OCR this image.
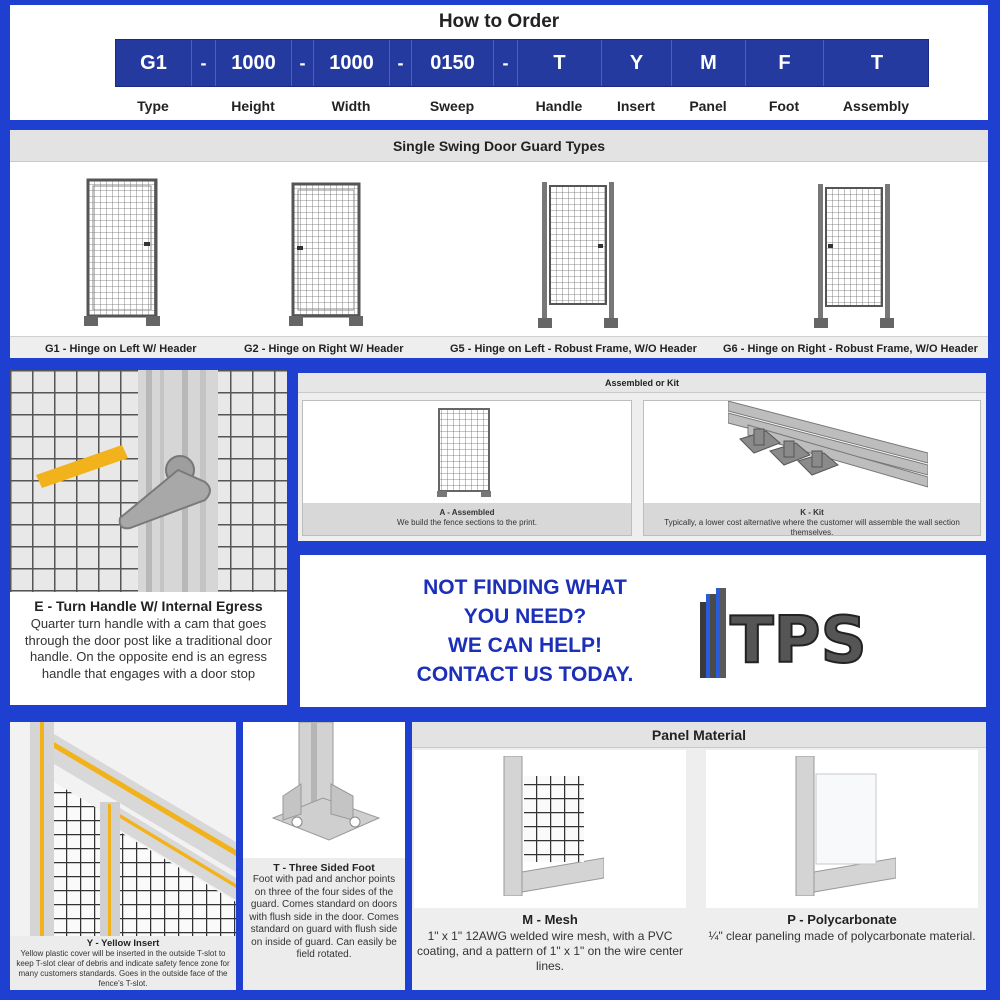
How to Order
G1	-	1000	-	1000	-	0150	-	T	Y	M	F	T
Type	Height	Width	Sweep	Handle	Insert	Panel	Foot	Assembly
Single Swing Door Guard Types
G1 - Hinge on Left W/ Header	G2 - Hinge on Right W/ Header	G5 - Hinge on Left - Robust Frame, W/O Header G6 - Hinge on Right - Robust Frame, W/O Header
E - Turn Handle W/ Internal Egress
Quarter turn handle with a cam that goes through the door post like a traditional door handle. On the opposite end is an egress handle that engages with a door stop
Assembled or Kit
A - Assembled
We build the fence sections to the print.
K - Kit
Typically, a lower cost alternative where the customer will assemble the wall section themselves.
NOT FINDING WHAT
YOU NEED?
WE CAN HELP!
CONTACT US TODAY.	TPS
Y - Yellow Insert
Yellow plastic cover will be inserted in the outside T-slot to keep T-slot clear of debris and indicate safety fence zone for many customers standards. Goes in the outside face of the fence's T-slot.
T - Three Sided Foot
Foot with pad and anchor points on three of the four sides of the guard. Comes standard on doors with flush side in the door. Comes standard on guard with flush side on inside of guard. Can easily be field rotated.
Panel Material
M - Mesh
1" x 1" 12AWG welded wire mesh, with a PVC coating, and a pattern of 1" x 1" on the wire center lines.
P - Polycarbonate
¼" clear paneling made of polycarbonate material.
